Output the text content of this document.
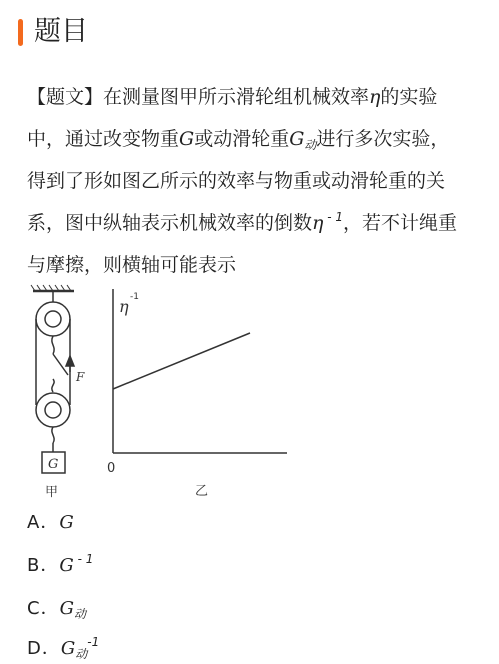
题目
【题文】在测量图甲所示滑轮组机械效率η的实验
中，通过改变物重G或动滑轮重$G_动$进行多次实验，
得到了形如图乙所示的效率与物重或动滑轮重的关
系，图中纵轴表示机械效率的倒数η $^{- 1}$，若不计绳重
与摩擦，则横轴可能表示
F
G
甲
η -1
0
乙
A．G
B．G $^{- 1}$
C．$G_动$
D．$G_动^{-1}$
